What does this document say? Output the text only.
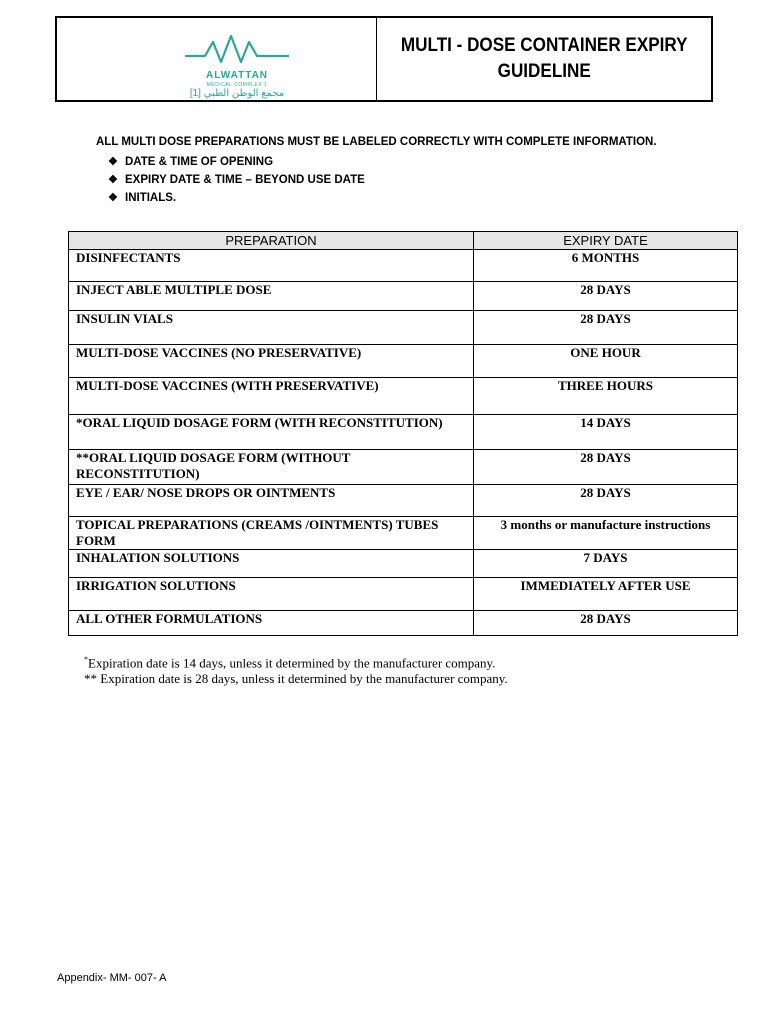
ALWATTAN
MEDICAL COMPLEX 1
مجمع الوطن الطبي [1]
MULTI - DOSE CONTAINER EXPIRY
GUIDELINE
ALL MULTI DOSE PREPARATIONS MUST BE LABELED CORRECTLY WITH COMPLETE INFORMATION.
❖ DATE & TIME OF OPENING
❖ EXPIRY DATE & TIME – BEYOND USE DATE
❖ INITIALS.
PREPARATION	EXPIRY DATE
DISINFECTANTS	6 MONTHS
INJECT ABLE MULTIPLE DOSE	28 DAYS
INSULIN VIALS	28 DAYS
MULTI-DOSE VACCINES (NO PRESERVATIVE)	ONE HOUR
MULTI-DOSE VACCINES (WITH PRESERVATIVE)	THREE HOURS
*ORAL LIQUID DOSAGE FORM (WITH RECONSTITUTION)	14 DAYS
**ORAL LIQUID DOSAGE FORM (WITHOUT RECONSTITUTION)	28 DAYS
EYE / EAR/ NOSE DROPS OR OINTMENTS	28 DAYS
TOPICAL PREPARATIONS (CREAMS /OINTMENTS) TUBES FORM	3 months or manufacture instructions
INHALATION SOLUTIONS	7 DAYS
IRRIGATION SOLUTIONS	IMMEDIATELY AFTER USE
ALL OTHER FORMULATIONS	28 DAYS
*Expiration date is 14 days, unless it determined by the manufacturer company.
** Expiration date is 28 days, unless it determined by the manufacturer company.
Appendix- MM- 007- A
